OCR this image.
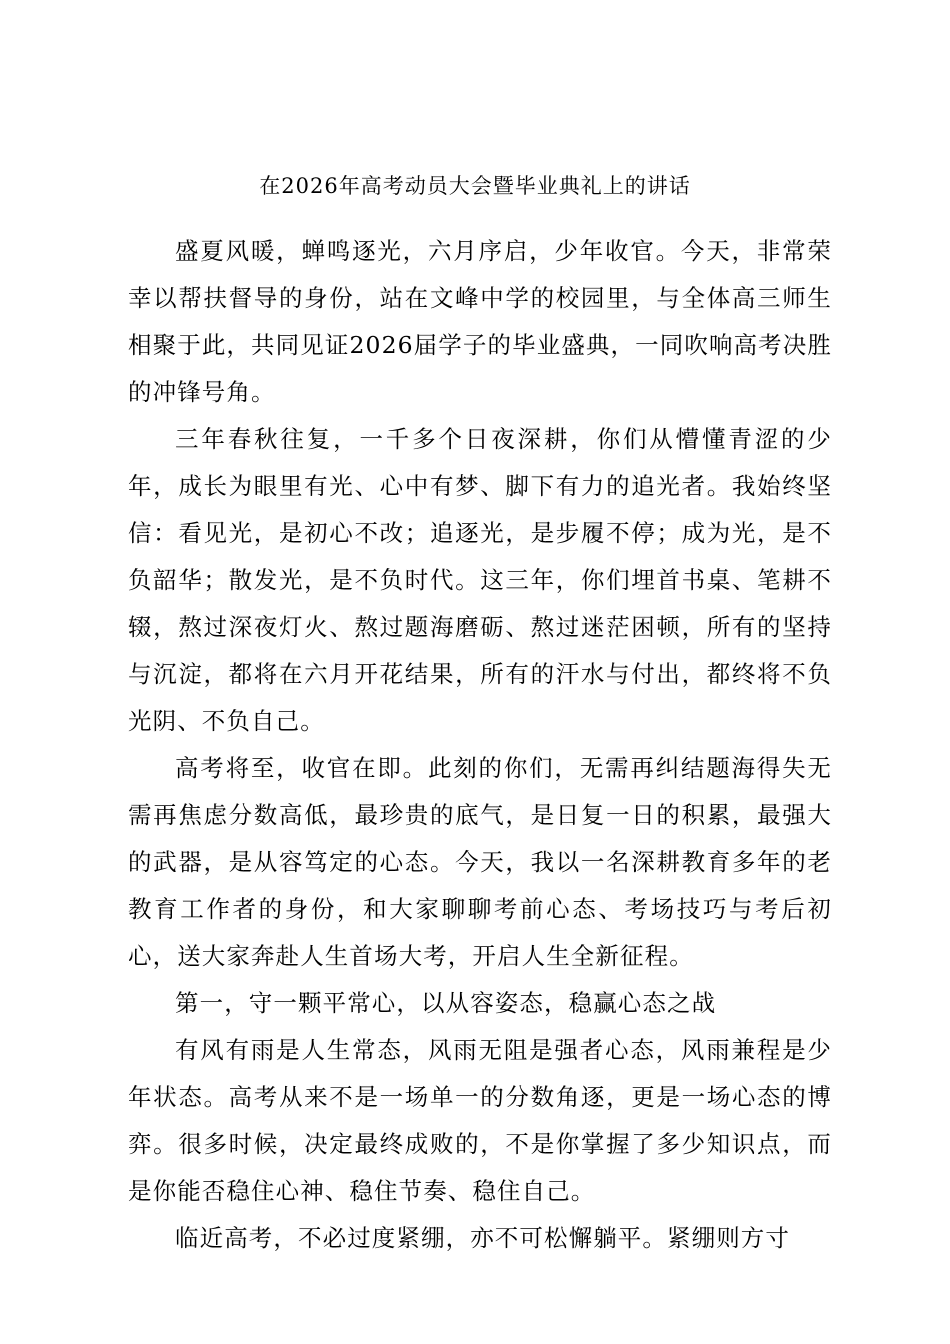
在2026年高考动员大会暨毕业典礼上的讲话

盛夏风暖，蝉鸣逐光，六月序启，少年收官。今天，非常荣幸以帮扶督导的身份，站在文峰中学的校园里，与全体高三师生相聚于此，共同见证2026届学子的毕业盛典，一同吹响高考决胜的冲锋号角。

三年春秋往复，一千多个日夜深耕，你们从懵懂青涩的少年，成长为眼里有光、心中有梦、脚下有力的追光者。我始终坚信：看见光，是初心不改；追逐光，是步履不停；成为光，是不负韶华；散发光，是不负时代。这三年，你们埋首书桌、笔耕不辍，熬过深夜灯火、熬过题海磨砺、熬过迷茫困顿，所有的坚持与沉淀，都将在六月开花结果，所有的汗水与付出，都终将不负光阴、不负自己。

高考将至，收官在即。此刻的你们，无需再纠结题海得失无需再焦虑分数高低，最珍贵的底气，是日复一日的积累，最强大的武器，是从容笃定的心态。今天，我以一名深耕教育多年的老教育工作者的身份，和大家聊聊考前心态、考场技巧与考后初心，送大家奔赴人生首场大考，开启人生全新征程。

第一，守一颗平常心，以从容姿态，稳赢心态之战

有风有雨是人生常态，风雨无阻是强者心态，风雨兼程是少年状态。高考从来不是一场单一的分数角逐，更是一场心态的博弈。很多时候，决定最终成败的，不是你掌握了多少知识点，而是你能否稳住心神、稳住节奏、稳住自己。

临近高考，不必过度紧绷，亦不可松懈躺平。紧绷则方寸
